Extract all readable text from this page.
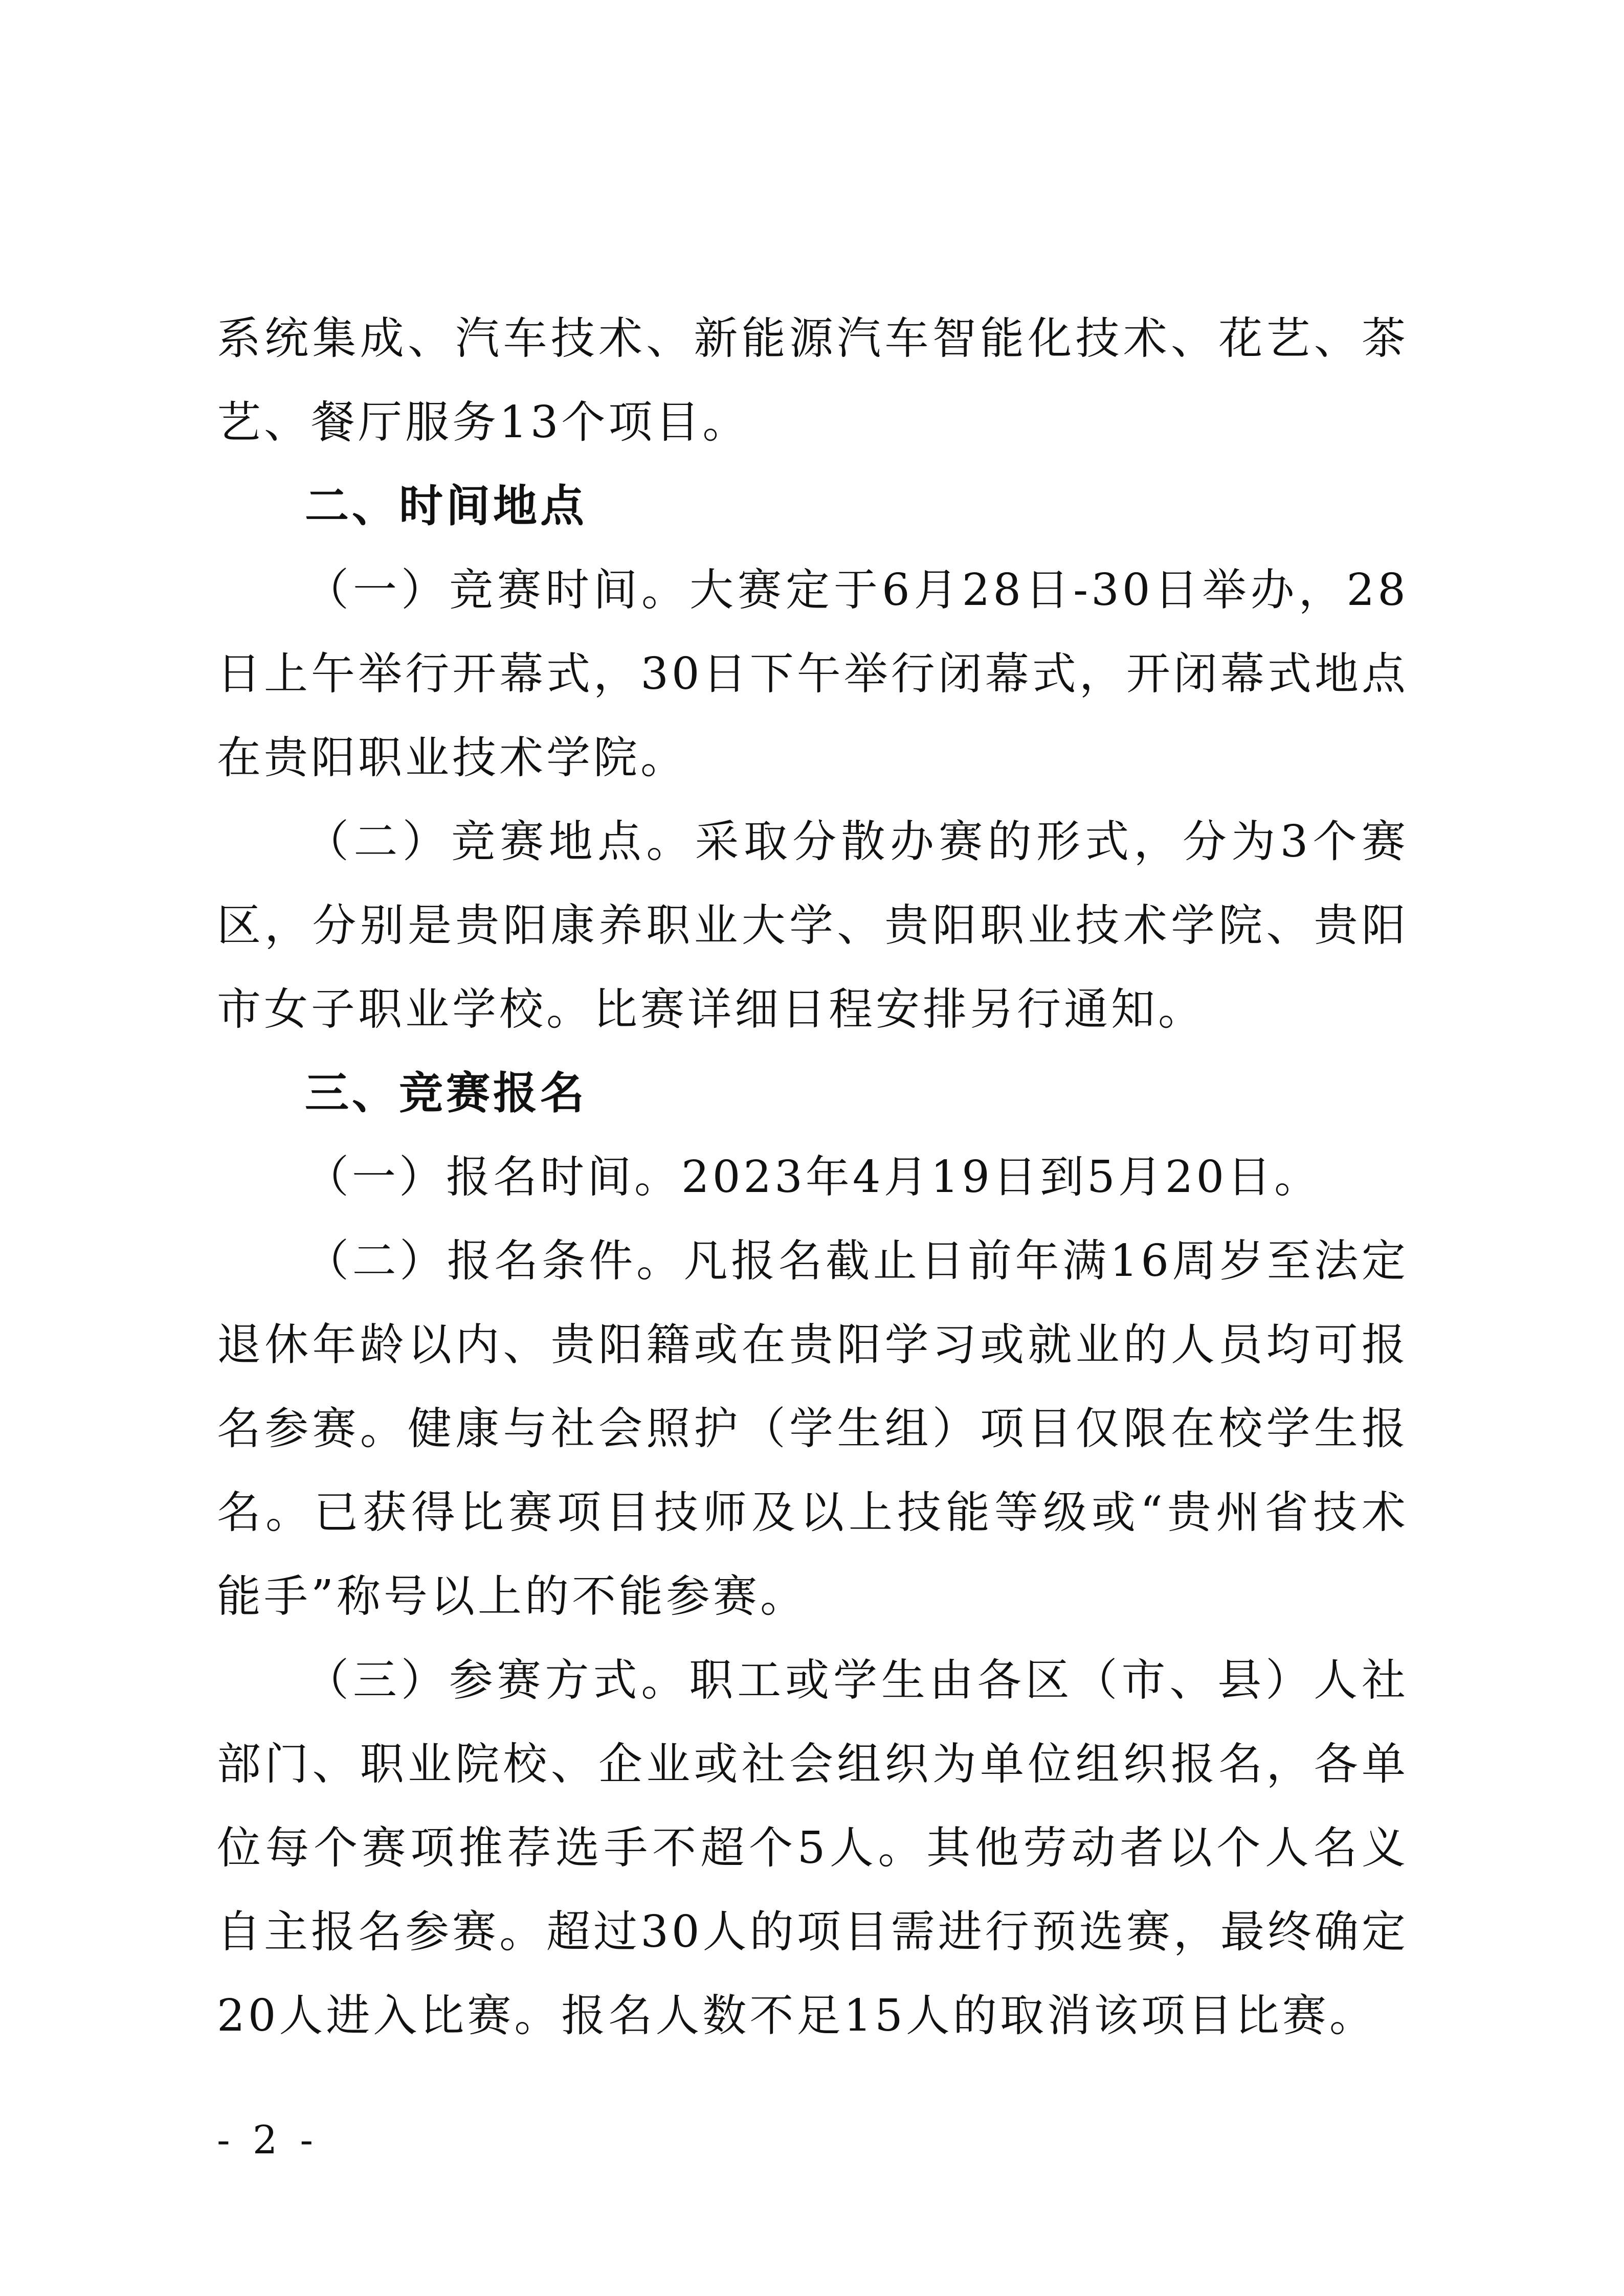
系统集成、汽车技术、新能源汽车智能化技术、花艺、茶艺、餐厅服务13个项目。

二、时间地点

（一）竞赛时间。大赛定于6月28日-30日举办，28日上午举行开幕式，30日下午举行闭幕式，开闭幕式地点在贵阳职业技术学院。

（二）竞赛地点。采取分散办赛的形式，分为3个赛区，分别是贵阳康养职业大学、贵阳职业技术学院、贵阳市女子职业学校。比赛详细日程安排另行通知。

三、竞赛报名

（一）报名时间。2023年4月19日到5月20日。

（二）报名条件。凡报名截止日前年满16周岁至法定退休年龄以内、贵阳籍或在贵阳学习或就业的人员均可报名参赛。健康与社会照护（学生组）项目仅限在校学生报名。已获得比赛项目技师及以上技能等级或“贵州省技术能手”称号以上的不能参赛。

（三）参赛方式。职工或学生由各区（市、县）人社部门、职业院校、企业或社会组织为单位组织报名，各单位每个赛项推荐选手不超个5人。其他劳动者以个人名义自主报名参赛。超过30人的项目需进行预选赛，最终确定20人进入比赛。报名人数不足15人的取消该项目比赛。

- 2 -
